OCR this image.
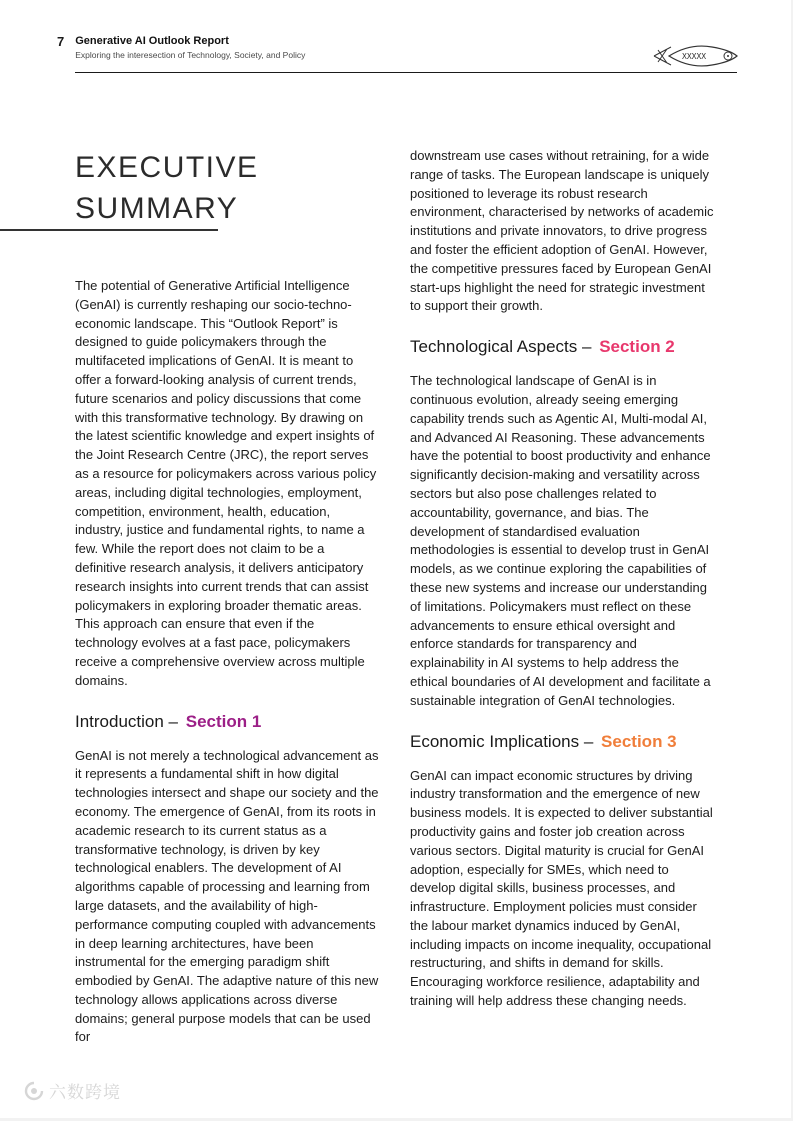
7 Generative AI Outlook Report
Exploring the interesection of Technology, Society, and Policy	XXXXX
EXECUTIVE
SUMMARY

The potential of Generative Artificial Intelligence (GenAI) is currently reshaping our socio-techno-economic landscape. This “Outlook Report” is designed to guide policymakers through the multifaceted implications of GenAI. It is meant to offer a forward-looking analysis of current trends, future scenarios and policy discussions that come with this transformative technology. By drawing on the latest scientific knowledge and expert insights of the Joint Research Centre (JRC), the report serves as a resource for policymakers across various policy areas, including digital technologies, employment, competition, environment, health, education, industry, justice and fundamental rights, to name a few. While the report does not claim to be a definitive research analysis, it delivers anticipatory research insights into current trends that can assist policymakers in exploring broader thematic areas. This approach can ensure that even if the technology evolves at a fast pace, policymakers receive a comprehensive overview across multiple domains.

Introduction – Section 1

GenAI is not merely a technological advancement as it represents a fundamental shift in how digital technologies intersect and shape our society and the economy. The emergence of GenAI, from its roots in academic research to its current status as a transformative technology, is driven by key technological enablers. The development of AI algorithms capable of processing and learning from large datasets, and the availability of high-performance computing coupled with advancements in deep learning architectures, have been instrumental for the emerging paradigm shift embodied by GenAI. The adaptive nature of this new technology allows applications across diverse domains; general purpose models that can be used for

downstream use cases without retraining, for a wide range of tasks. The European landscape is uniquely positioned to leverage its robust research environment, characterised by networks of academic institutions and private innovators, to drive progress and foster the efficient adoption of GenAI. However, the competitive pressures faced by European GenAI start-ups highlight the need for strategic investment to support their growth.

Technological Aspects – Section 2

The technological landscape of GenAI is in continuous evolution, already seeing emerging capability trends such as Agentic AI, Multi-modal AI, and Advanced AI Reasoning. These advancements have the potential to boost productivity and enhance significantly decision-making and versatility across sectors but also pose challenges related to accountability, governance, and bias. The development of standardised evaluation methodologies is essential to develop trust in GenAI models, as we continue exploring the capabilities of these new systems and increase our understanding of limitations. Policymakers must reflect on these advancements to ensure ethical oversight and enforce standards for transparency and explainability in AI systems to help address the ethical boundaries of AI development and facilitate a sustainable integration of GenAI technologies.

Economic Implications – Section 3

GenAI can impact economic structures by driving industry transformation and the emergence of new business models. It is expected to deliver substantial productivity gains and foster job creation across various sectors. Digital maturity is crucial for GenAI adoption, especially for SMEs, which need to develop digital skills, business processes, and infrastructure. Employment policies must consider the labour market dynamics induced by GenAI, including impacts on income inequality, occupational restructuring, and shifts in demand for skills. Encouraging workforce resilience, adaptability and training will help address these changing needs.

六数跨境
